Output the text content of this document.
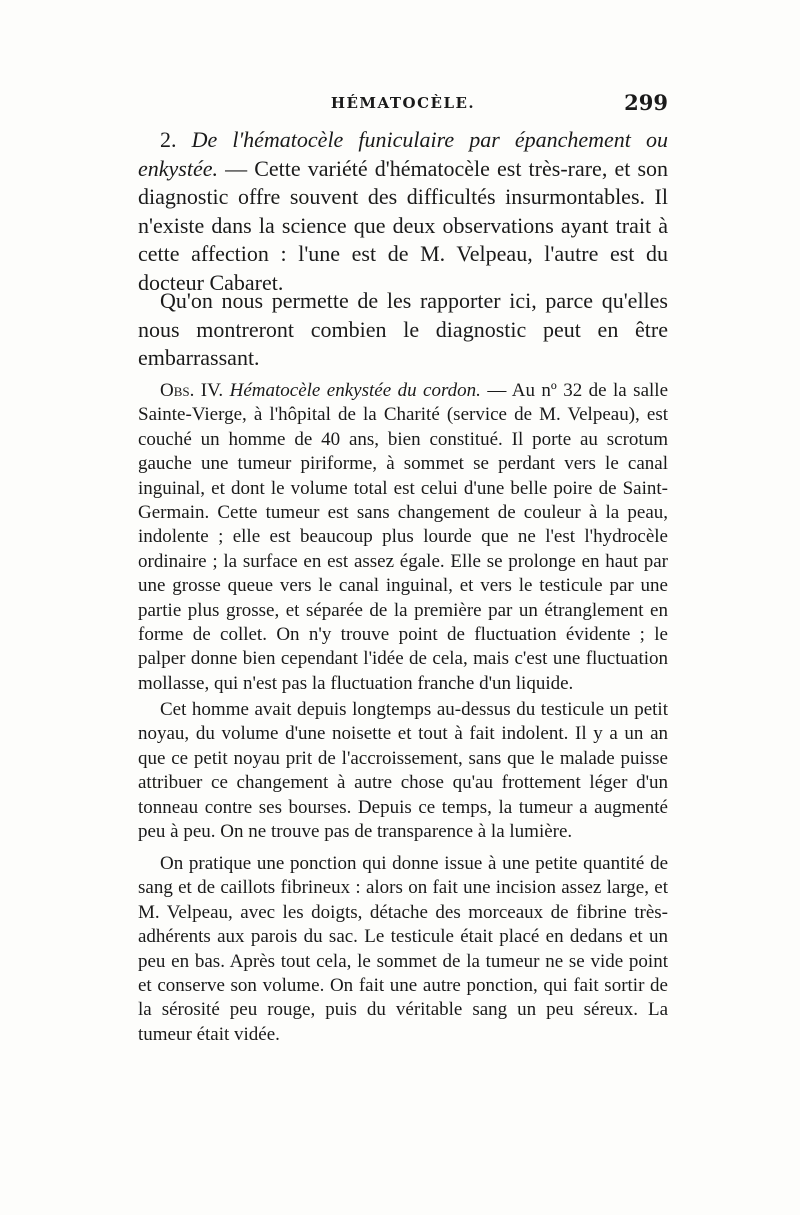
HÉMATOCÈLE.	299

2. De l'hématocèle funiculaire par épanchement ou enkystée. — Cette variété d'hématocèle est très-rare, et son diagnostic offre souvent des difficultés insurmontables. Il n'existe dans la science que deux observations ayant trait à cette affection : l'une est de M. Velpeau, l'autre est du docteur Cabaret.

Qu'on nous permette de les rapporter ici, parce qu'elles nous montreront combien le diagnostic peut en être embarrassant.

Obs. IV. Hématocèle enkystée du cordon. — Au nº 32 de la salle Sainte-Vierge, à l'hôpital de la Charité (service de M. Velpeau), est couché un homme de 40 ans, bien constitué. Il porte au scrotum gauche une tumeur piriforme, à sommet se perdant vers le canal inguinal, et dont le volume total est celui d'une belle poire de Saint-Germain. Cette tumeur est sans changement de couleur à la peau, indolente ; elle est beaucoup plus lourde que ne l'est l'hydrocèle ordinaire ; la surface en est assez égale. Elle se prolonge en haut par une grosse queue vers le canal inguinal, et vers le testicule par une partie plus grosse, et séparée de la première par un étranglement en forme de collet. On n'y trouve point de fluctuation évidente ; le palper donne bien cependant l'idée de cela, mais c'est une fluctuation mollasse, qui n'est pas la fluctuation franche d'un liquide.

Cet homme avait depuis longtemps au-dessus du testicule un petit noyau, du volume d'une noisette et tout à fait indolent. Il y a un an que ce petit noyau prit de l'accroissement, sans que le malade puisse attribuer ce changement à autre chose qu'au frottement léger d'un tonneau contre ses bourses. Depuis ce temps, la tumeur a augmenté peu à peu. On ne trouve pas de transparence à la lumière.

On pratique une ponction qui donne issue à une petite quantité de sang et de caillots fibrineux : alors on fait une incision assez large, et M. Velpeau, avec les doigts, détache des morceaux de fibrine très-adhérents aux parois du sac. Le testicule était placé en dedans et un peu en bas. Après tout cela, le sommet de la tumeur ne se vide point et conserve son volume. On fait une autre ponction, qui fait sortir de la sérosité peu rouge, puis du véritable sang un peu séreux. La tumeur était vidée.
